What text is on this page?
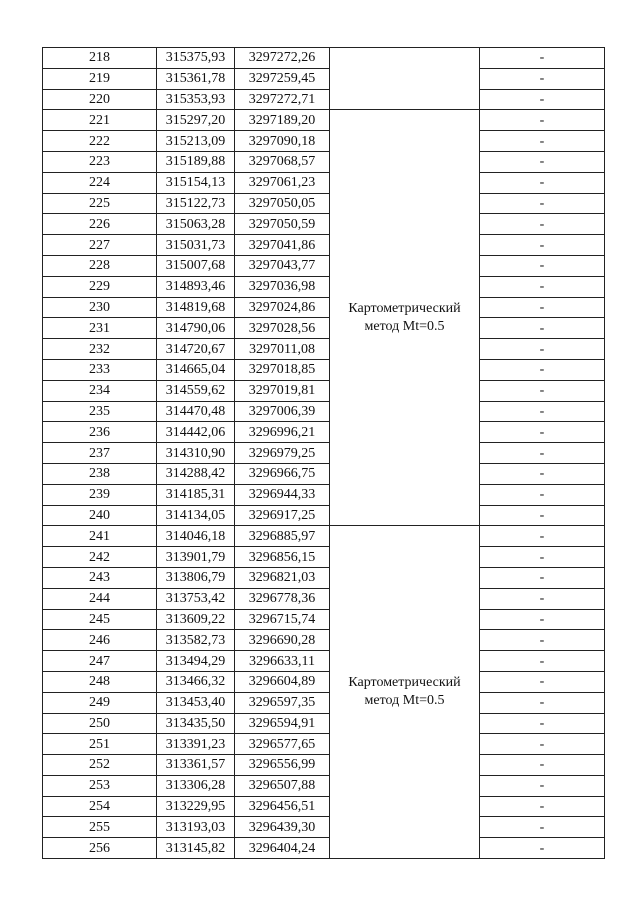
218	315375,93	3297272,26		-
219	315361,78	3297259,45		-
220	315353,93	3297272,71		-
221	315297,20	3297189,20	Картометрический метод Mt=0.5	-
222	315213,09	3297090,18		-
223	315189,88	3297068,57		-
224	315154,13	3297061,23		-
225	315122,73	3297050,05		-
226	315063,28	3297050,59		-
227	315031,73	3297041,86		-
228	315007,68	3297043,77		-
229	314893,46	3297036,98		-
230	314819,68	3297024,86		-
231	314790,06	3297028,56		-
232	314720,67	3297011,08		-
233	314665,04	3297018,85		-
234	314559,62	3297019,81		-
235	314470,48	3297006,39		-
236	314442,06	3296996,21		-
237	314310,90	3296979,25		-
238	314288,42	3296966,75		-
239	314185,31	3296944,33		-
240	314134,05	3296917,25		-
241	314046,18	3296885,97	Картометрический метод Mt=0.5	-
242	313901,79	3296856,15		-
243	313806,79	3296821,03		-
244	313753,42	3296778,36		-
245	313609,22	3296715,74		-
246	313582,73	3296690,28		-
247	313494,29	3296633,11		-
248	313466,32	3296604,89		-
249	313453,40	3296597,35		-
250	313435,50	3296594,91		-
251	313391,23	3296577,65		-
252	313361,57	3296556,99		-
253	313306,28	3296507,88		-
254	313229,95	3296456,51		-
255	313193,03	3296439,30		-
256	313145,82	3296404,24		-
